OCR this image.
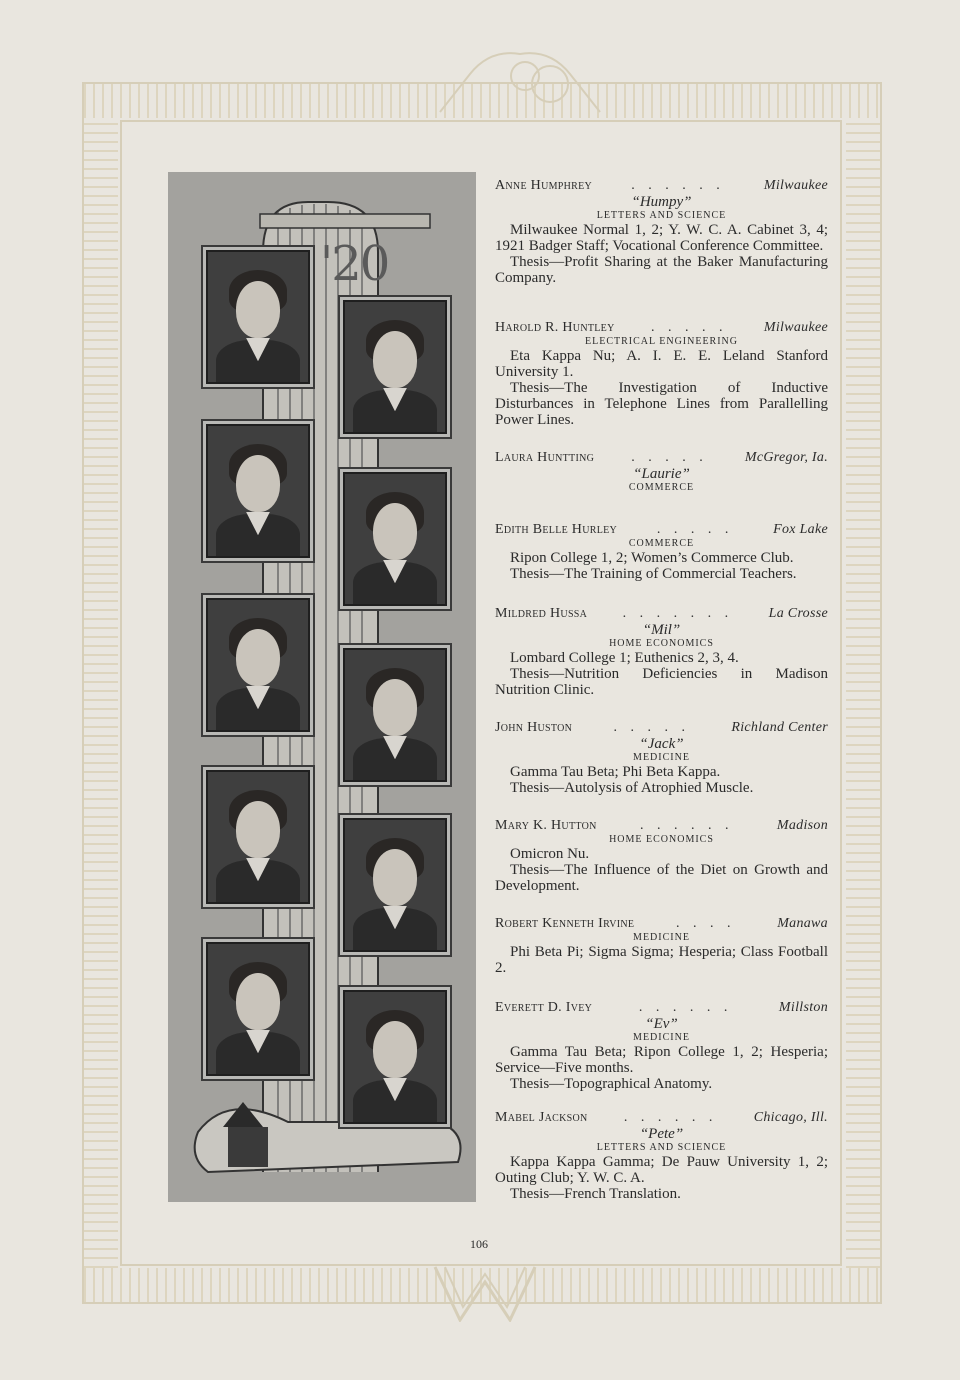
'20
Anne Humphrey	. . . . . .	Milwaukee
“Humpy”
LETTERS AND SCIENCE
Milwaukee Normal 1, 2; Y. W. C. A. Cabinet 3, 4; 1921 Badger Staff; Vocational Conference Committee.
Thesis—Profit Sharing at the Baker Manufacturing Company.
Harold R. Huntley	. . . . .	Milwaukee
ELECTRICAL ENGINEERING
Eta Kappa Nu; A. I. E. E. Leland Stanford University 1.
Thesis—The Investigation of Inductive Disturbances in Telephone Lines from Parallelling Power Lines.
Laura Huntting	. . . . .	McGregor, Ia.
“Laurie”
COMMERCE
Edith Belle Hurley	. . . . .	Fox Lake
COMMERCE
Ripon College 1, 2; Women’s Commerce Club.
Thesis—The Training of Commercial Teachers.
Mildred Hussa	. . . . . . .	La Crosse
“Mil”
HOME ECONOMICS
Lombard College 1; Euthenics 2, 3, 4.
Thesis—Nutrition Deficiencies in Madison Nutrition Clinic.
John Huston	. . . . .	Richland Center
“Jack”
MEDICINE
Gamma Tau Beta; Phi Beta Kappa.
Thesis—Autolysis of Atrophied Muscle.
Mary K. Hutton	. . . . . .	Madison
HOME ECONOMICS
Omicron Nu.
Thesis—The Influence of the Diet on Growth and Development.
Robert Kenneth Irvine	. . . .	Manawa
MEDICINE
Phi Beta Pi; Sigma Sigma; Hesperia; Class Football 2.
Everett D. Ivey	. . . . . .	Millston
“Ev”
MEDICINE
Gamma Tau Beta; Ripon College 1, 2; Hesperia; Service—Five months.
Thesis—Topographical Anatomy.
Mabel Jackson	. . . . . .	Chicago, Ill.
“Pete”
LETTERS AND SCIENCE
Kappa Kappa Gamma; De Pauw University 1, 2; Outing Club; Y. W. C. A.
Thesis—French Translation.
106
